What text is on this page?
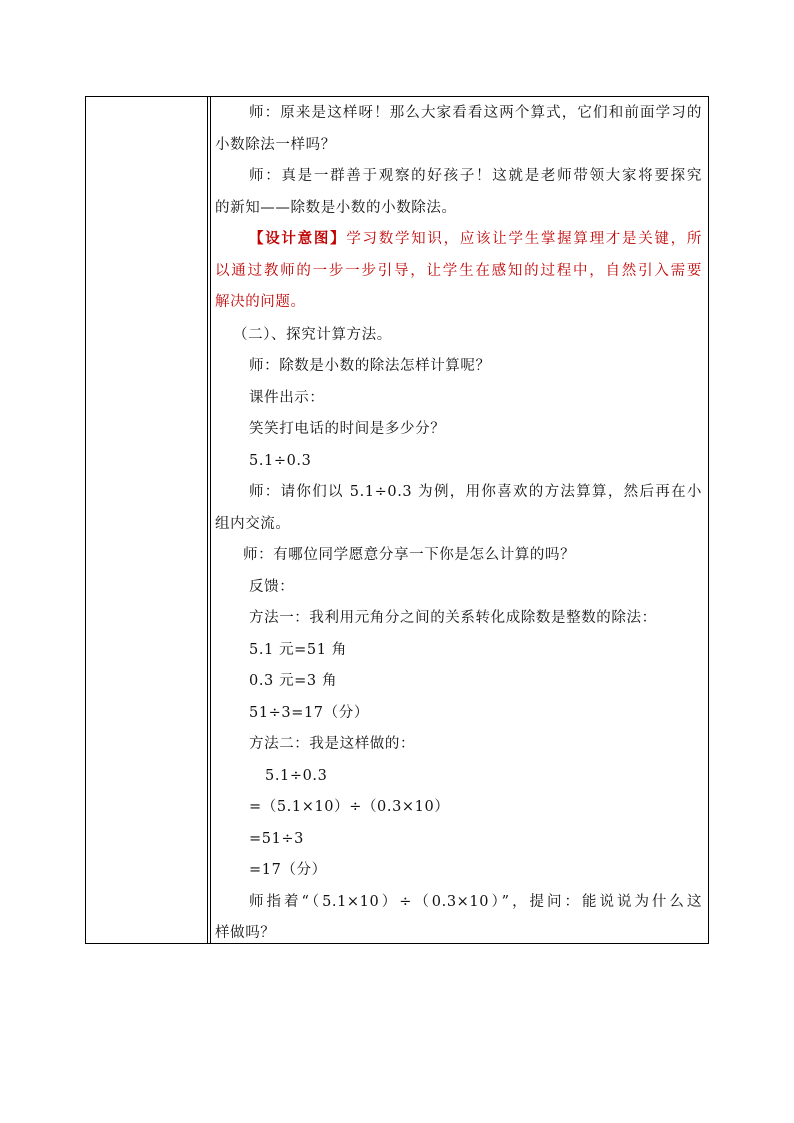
师：原来是这样呀！那么大家看看这两个算式，它们和前面学习的
小数除法一样吗？
师：真是一群善于观察的好孩子！这就是老师带领大家将要探究
的新知——除数是小数的小数除法。
【设计意图】学习数学知识，应该让学生掌握算理才是关键，所
以通过教师的一步一步引导，让学生在感知的过程中，自然引入需要
解决的问题。
（二）、探究计算方法。
师：除数是小数的除法怎样计算呢？
课件出示：
笑笑打电话的时间是多少分？
5.1÷0.3
师：请你们以 5.1÷0.3 为例，用你喜欢的方法算算，然后再在小
组内交流。
师：有哪位同学愿意分享一下你是怎么计算的吗？
反馈：
方法一：我利用元角分之间的关系转化成除数是整数的除法：
5.1 元=51 角
0.3 元=3 角
51÷3=17（分）
方法二：我是这样做的：
5.1÷0.3
=（5.1×10）÷（0.3×10）
=51÷3
=17（分）
师指着“（5.1×10）÷（0.3×10）”，提问：能说说为什么这
样做吗？
